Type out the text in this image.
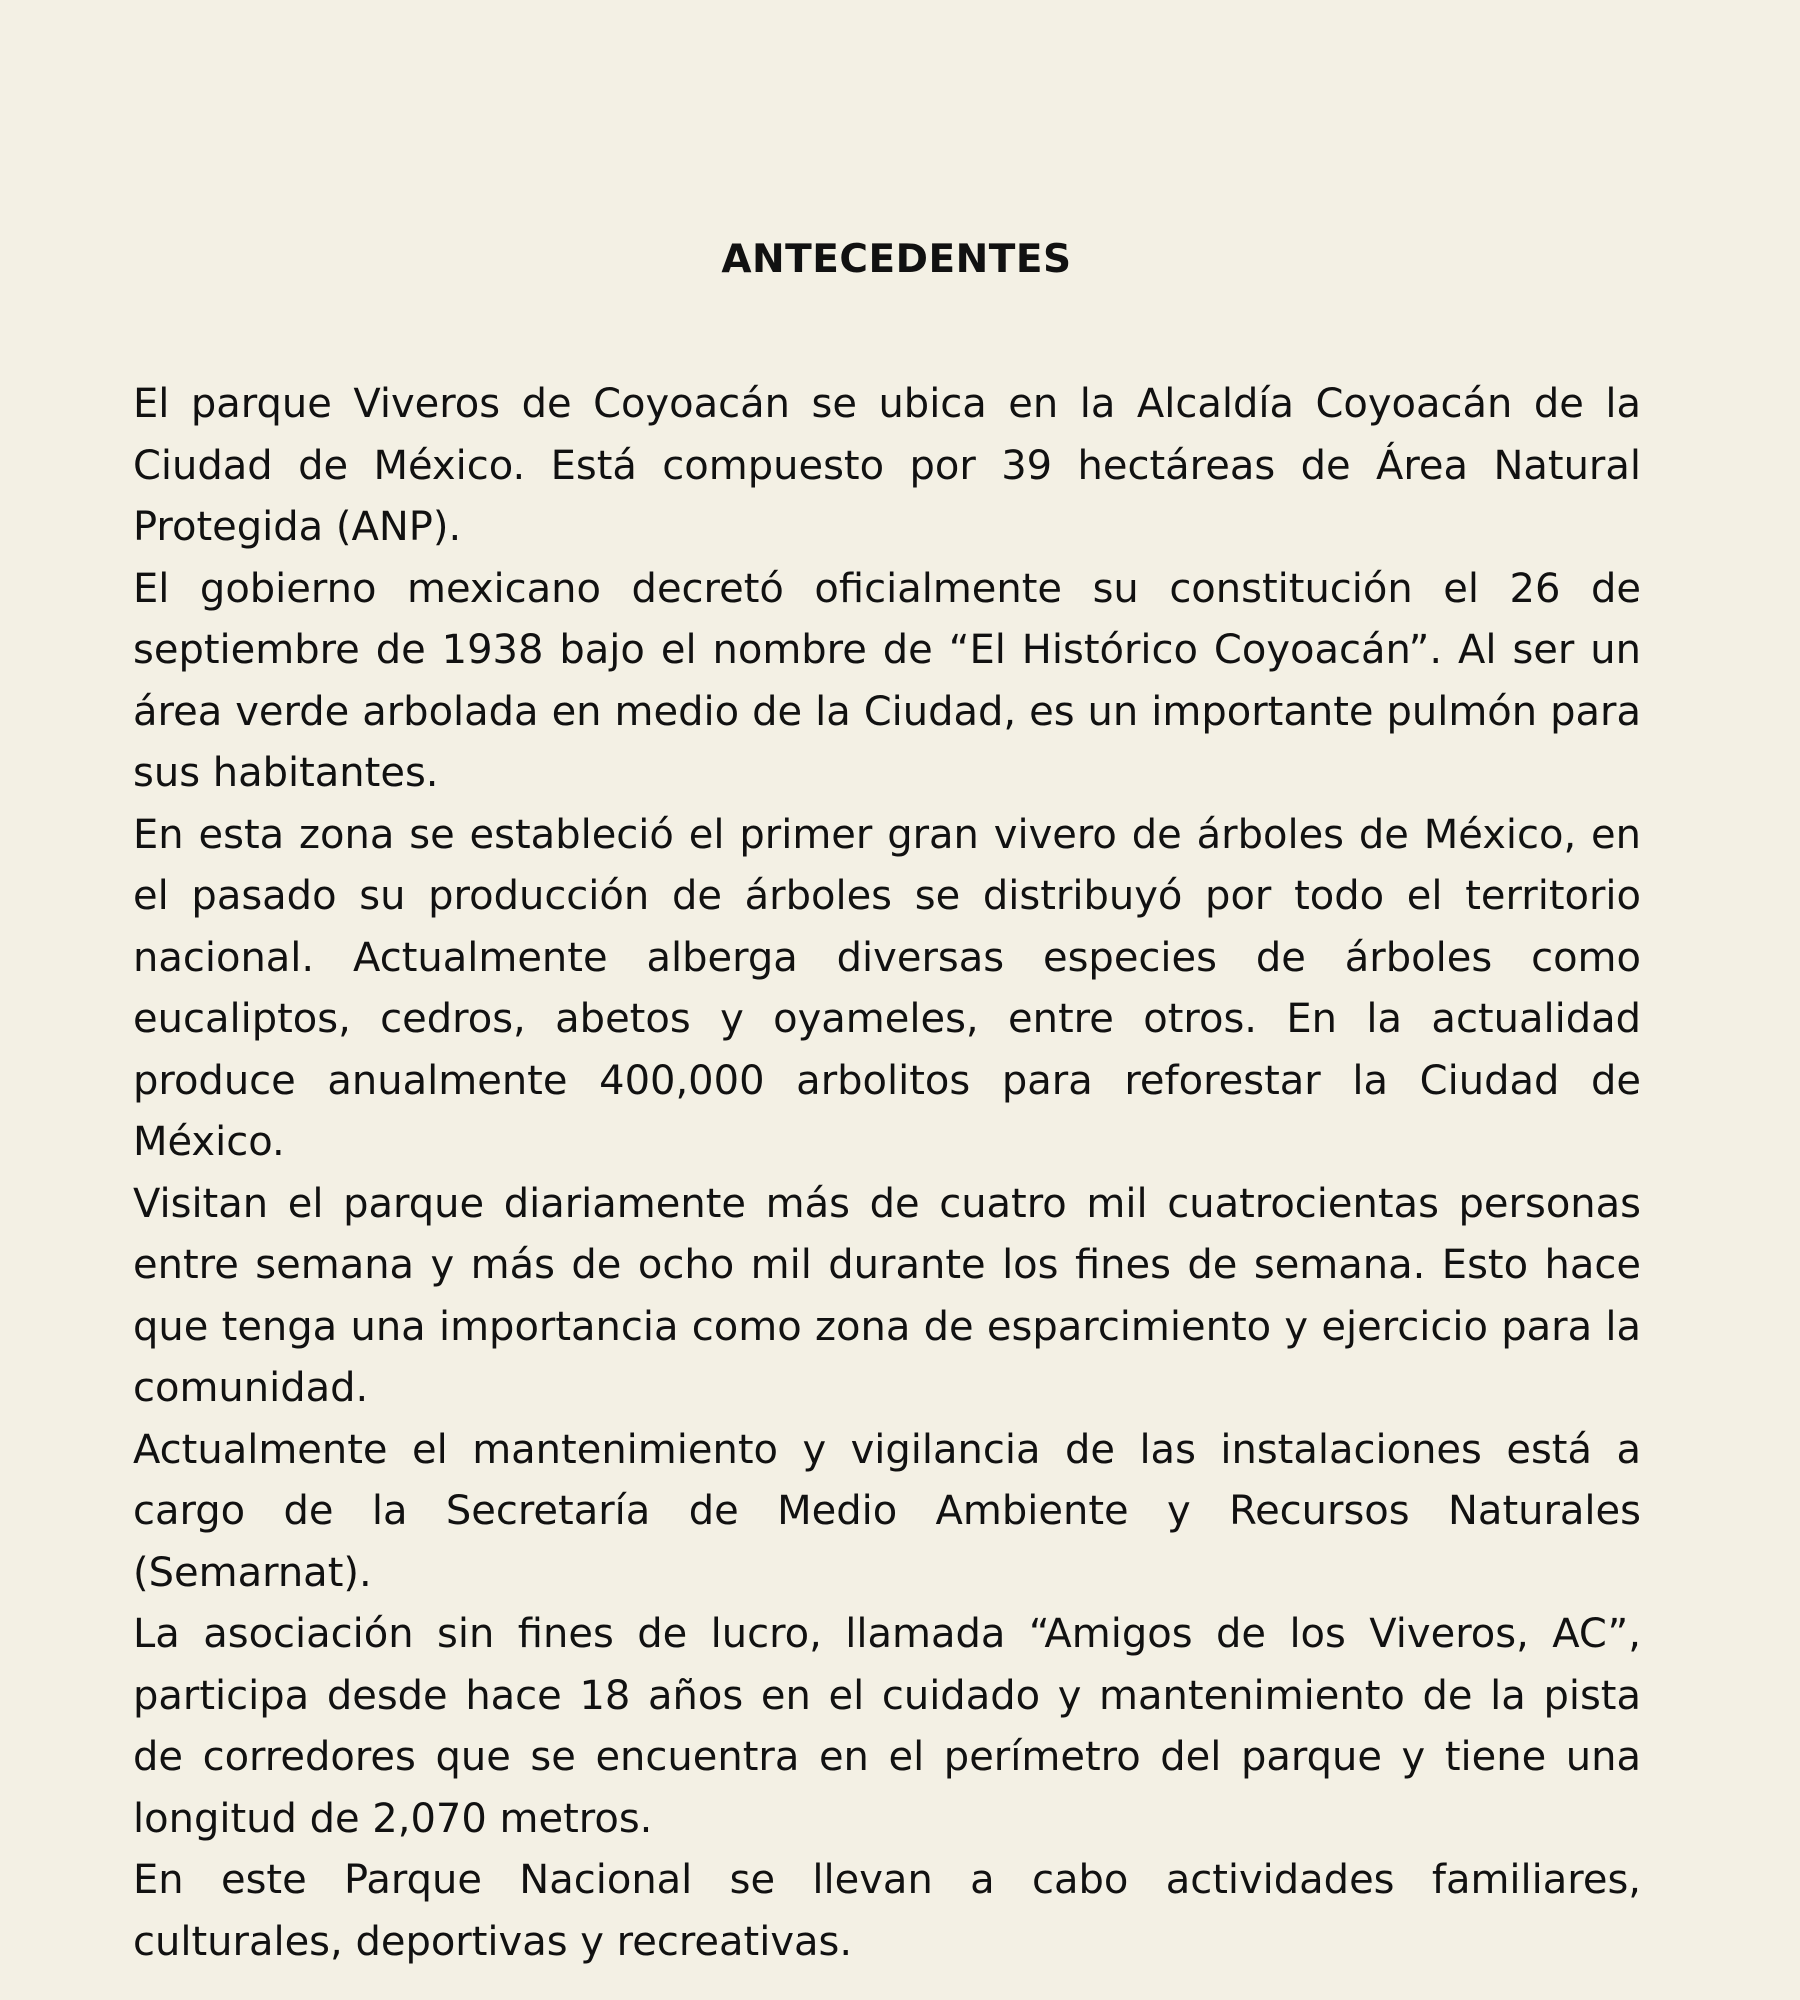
ANTECEDENTES

El parque Viveros de Coyoacán se ubica en la Alcaldía Coyoacán de la Ciudad de México. Está compuesto por 39 hectáreas de Área Natural Protegida (ANP).

El gobierno mexicano decretó oficialmente su constitución el 26 de septiembre de 1938 bajo el nombre de “El Histórico Coyoacán”. Al ser un área verde arbolada en medio de la Ciudad, es un importante pulmón para sus habitantes.

En esta zona se estableció el primer gran vivero de árboles de México, en el pasado su producción de árboles se distribuyó por todo el territorio nacional. Actualmente alberga diversas especies de árboles como eucaliptos, cedros, abetos y oyameles, entre otros. En la actualidad produce anualmente 400,000 arbolitos para reforestar la Ciudad de México.

Visitan el parque diariamente más de cuatro mil cuatrocientas personas entre semana y más de ocho mil durante los fines de semana. Esto hace que tenga una importancia como zona de esparcimiento y ejercicio para la comunidad.

Actualmente el mantenimiento y vigilancia de las instalaciones está a cargo de la Secretaría de Medio Ambiente y Recursos Naturales (Semarnat).

La asociación sin fines de lucro, llamada “Amigos de los Viveros, AC”, participa desde hace 18 años en el cuidado y mantenimiento de la pista de corredores que se encuentra en el perímetro del parque y tiene una longitud de 2,070 metros.

En este Parque Nacional se llevan a cabo actividades familiares, culturales, deportivas y recreativas.
